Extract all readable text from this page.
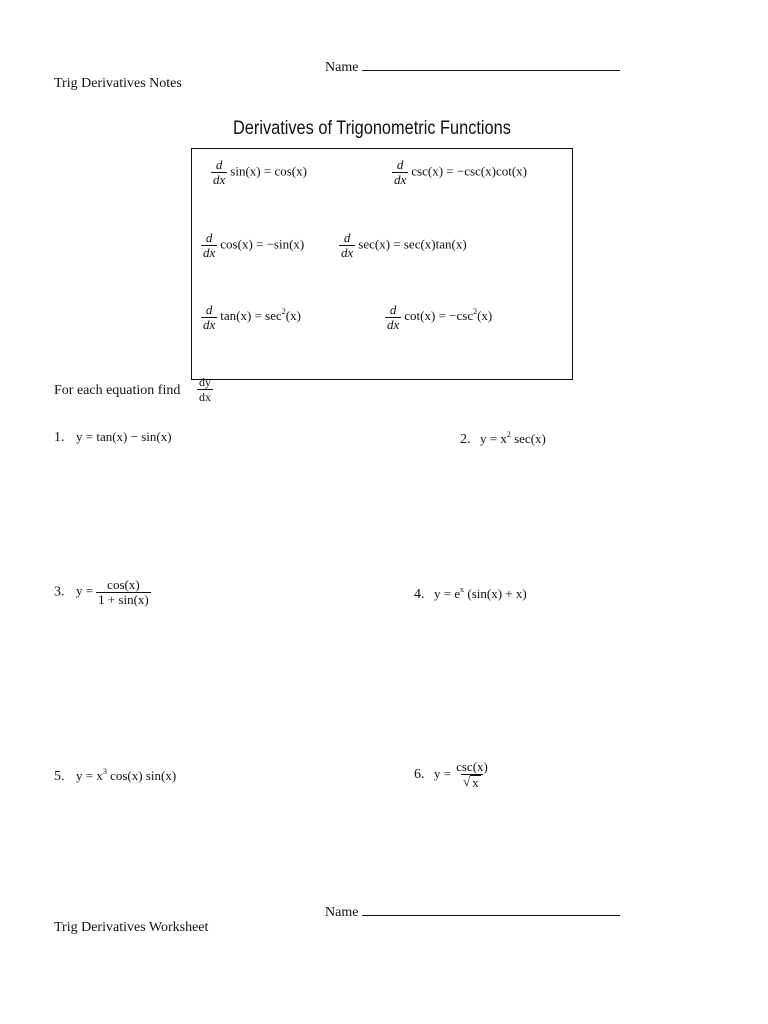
Name
Trig Derivatives Notes
Derivatives of Trigonometric Functions
$\frac{d}{dx} \sin(x) = \cos(x)$	$\frac{d}{dx} \csc(x) = -\csc(x)\cot(x)$
$\frac{d}{dx} \cos(x) = -\sin(x)$	$\frac{d}{dx} \sec(x) = \sec(x)\tan(x)$
$\frac{d}{dx} \tan(x) = \sec^2(x)$	$\frac{d}{dx} \cot(x) = -\csc^2(x)$
For each equation find $\frac{dy}{dx}$
1. y = tan(x) − sin(x)	2. $y = x^2$ sec(x)
3. $y = \frac{\cos(x)}{1 + \sin(x)}$	4. $y = e^x$ (sin(x) + x)
5. $y = x^3$ cos(x) sin(x)	6. $y = \frac{\csc(x)}{√ x}$
Name
Trig Derivatives Worksheet
